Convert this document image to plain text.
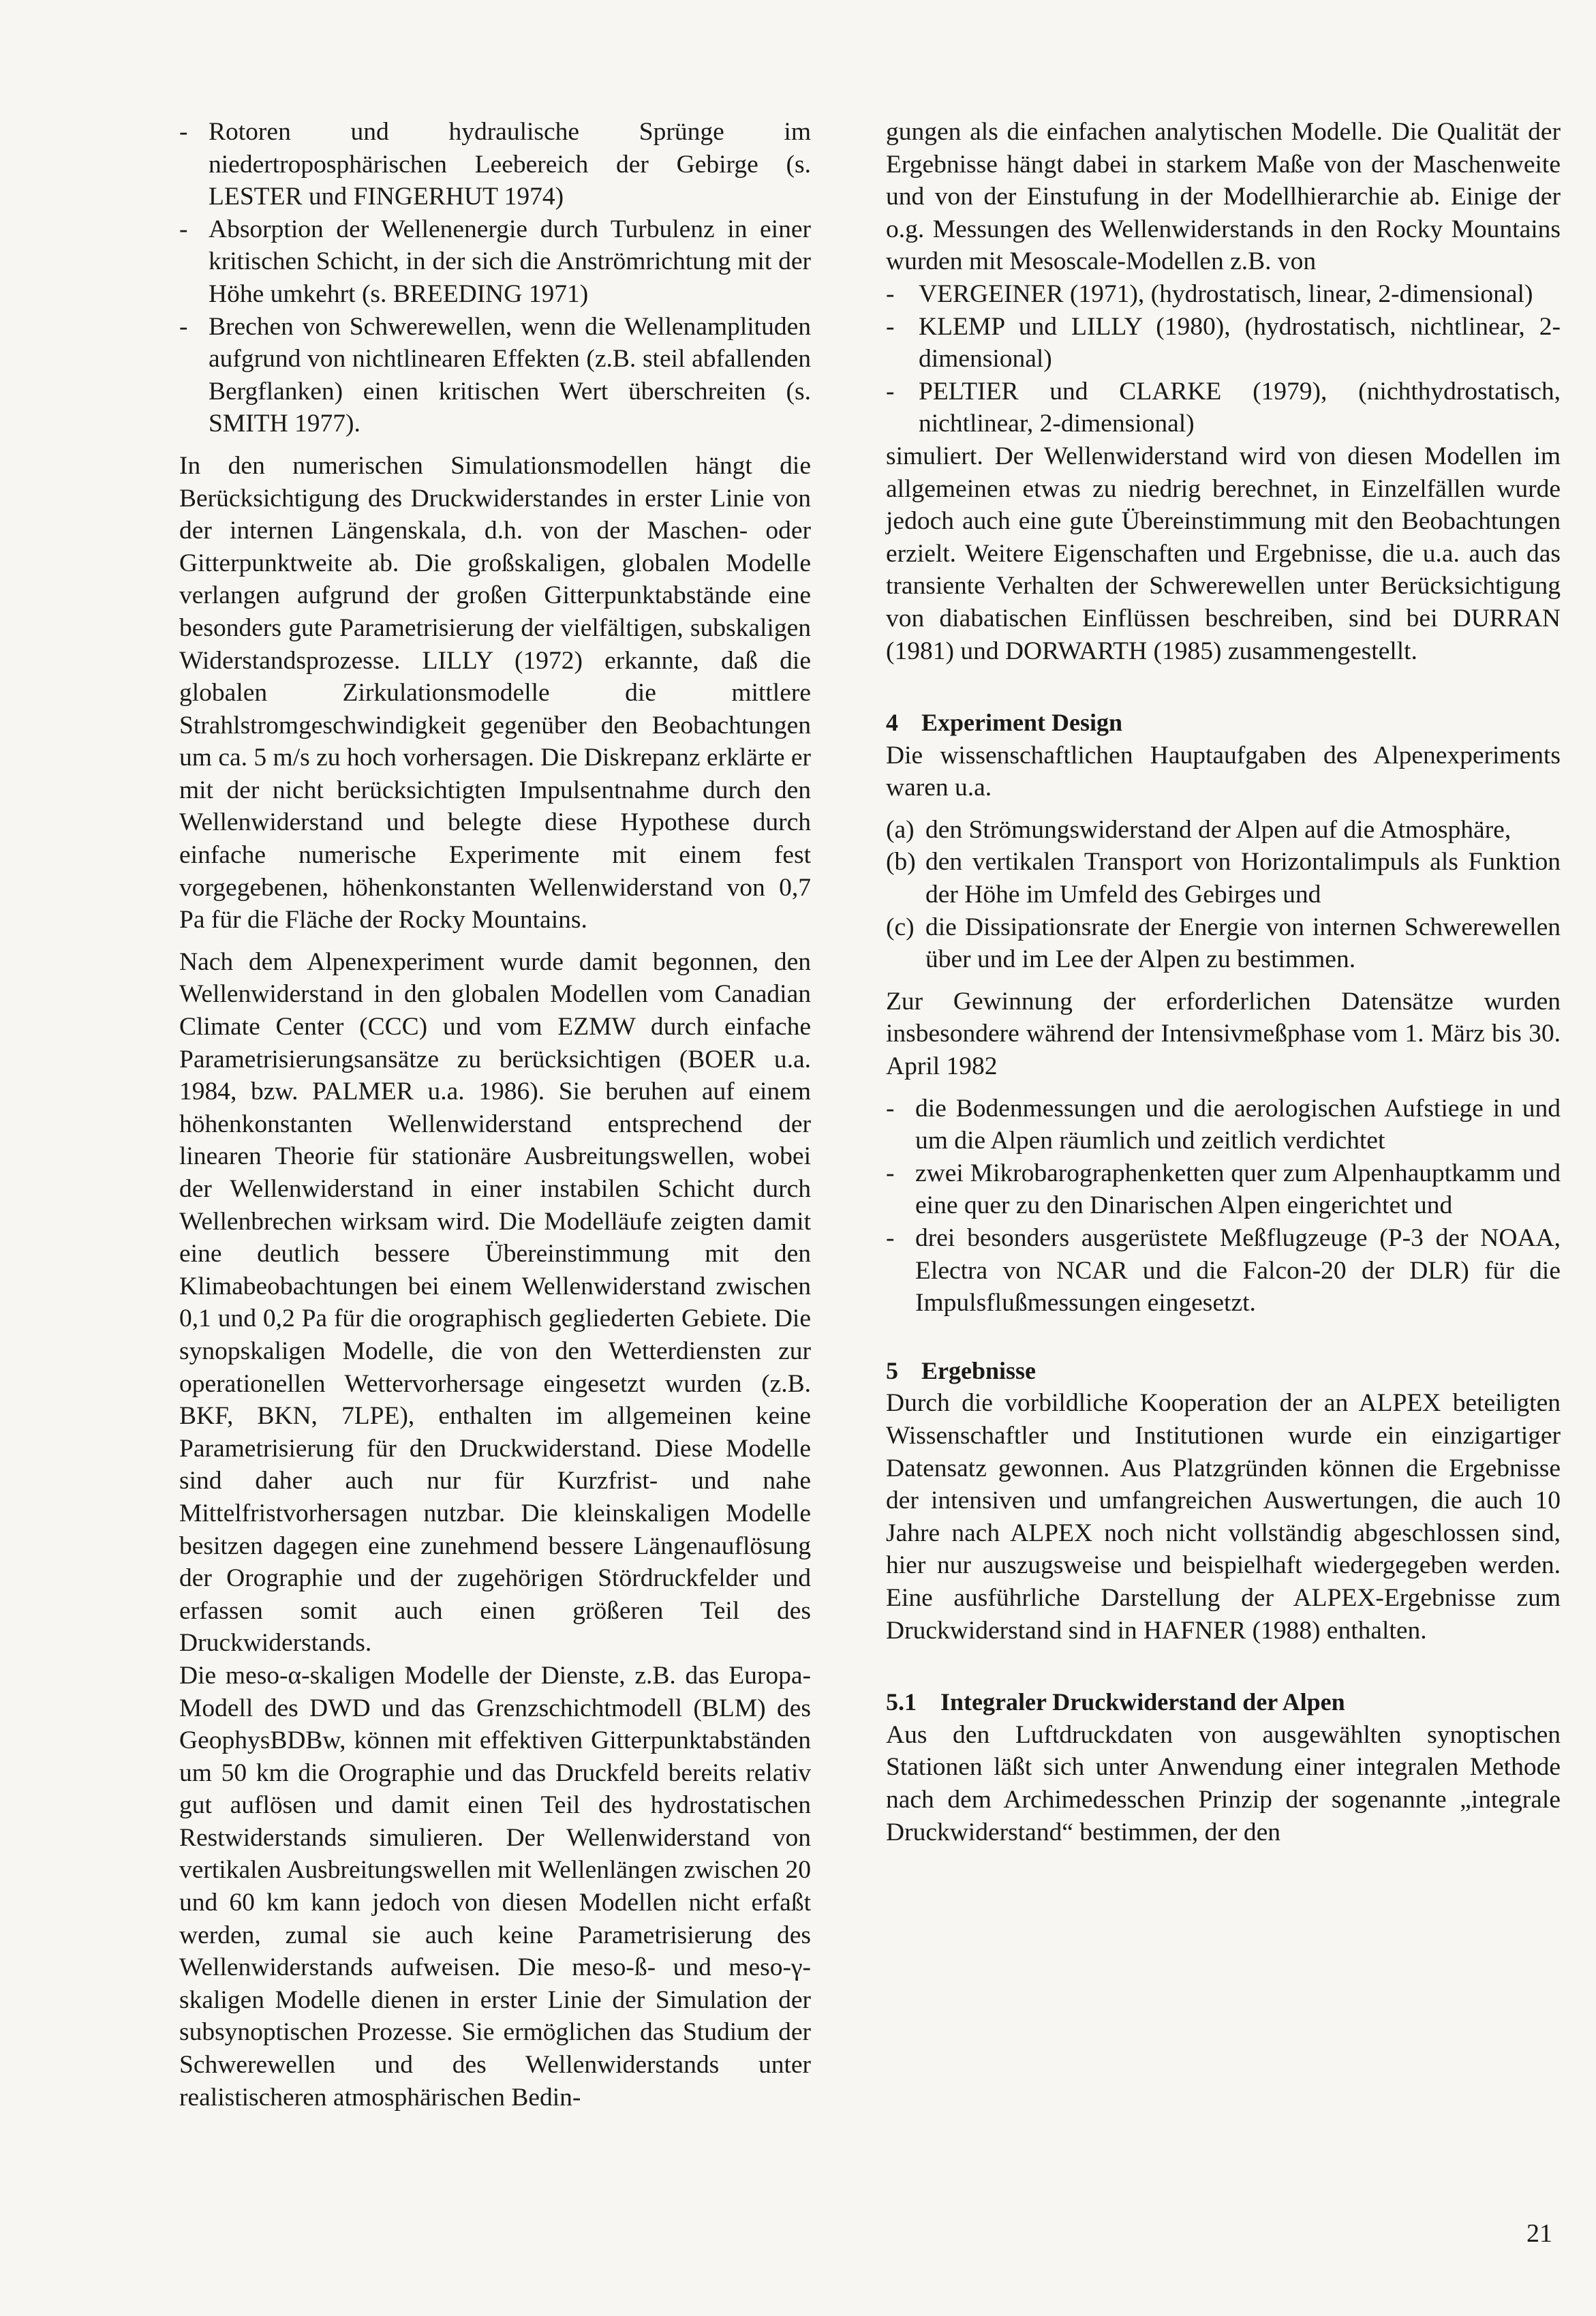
- Rotoren und hydraulische Sprünge im niedertroposphärischen Leebereich der Gebirge (s. LESTER und FINGERHUT 1974)
- Absorption der Wellenenergie durch Turbulenz in einer kritischen Schicht, in der sich die Anströmrichtung mit der Höhe umkehrt (s. BREEDING 1971)
- Brechen von Schwerewellen, wenn die Wellenamplituden aufgrund von nichtlinearen Effekten (z.B. steil abfallenden Bergflanken) einen kritischen Wert überschreiten (s. SMITH 1977).

In den numerischen Simulationsmodellen hängt die Berücksichtigung des Druckwiderstandes in erster Linie von der internen Längenskala, d.h. von der Maschen- oder Gitterpunktweite ab. Die großskaligen, globalen Modelle verlangen aufgrund der großen Gitterpunktabstände eine besonders gute Parametrisierung der vielfältigen, subskaligen Widerstandsprozesse. LILLY (1972) erkannte, daß die globalen Zirkulationsmodelle die mittlere Strahlstromgeschwindigkeit gegenüber den Beobachtungen um ca. 5 m/s zu hoch vorhersagen. Die Diskrepanz erklärte er mit der nicht berücksichtigten Impulsentnahme durch den Wellenwiderstand und belegte diese Hypothese durch einfache numerische Experimente mit einem fest vorgegebenen, höhenkonstanten Wellenwiderstand von 0,7 Pa für die Fläche der Rocky Mountains.

Nach dem Alpenexperiment wurde damit begonnen, den Wellenwiderstand in den globalen Modellen vom Canadian Climate Center (CCC) und vom EZMW durch einfache Parametrisierungsansätze zu berücksichtigen (BOER u.a. 1984, bzw. PALMER u.a. 1986). Sie beruhen auf einem höhenkonstanten Wellenwiderstand entsprechend der linearen Theorie für stationäre Ausbreitungswellen, wobei der Wellenwiderstand in einer instabilen Schicht durch Wellenbrechen wirksam wird. Die Modelläufe zeigten damit eine deutlich bessere Übereinstimmung mit den Klimabeobachtungen bei einem Wellenwiderstand zwischen 0,1 und 0,2 Pa für die orographisch gegliederten Gebiete. Die synopskaligen Modelle, die von den Wetterdiensten zur operationellen Wettervorhersage eingesetzt wurden (z.B. BKF, BKN, 7LPE), enthalten im allgemeinen keine Parametrisierung für den Druckwiderstand. Diese Modelle sind daher auch nur für Kurzfrist- und nahe Mittelfristvorhersagen nutzbar. Die kleinskaligen Modelle besitzen dagegen eine zunehmend bessere Längenauflösung der Orographie und der zugehörigen Stördruckfelder und erfassen somit auch einen größeren Teil des Druckwiderstands.

Die meso-α-skaligen Modelle der Dienste, z.B. das Europa-Modell des DWD und das Grenzschichtmodell (BLM) des GeophysBDBw, können mit effektiven Gitterpunktabständen um 50 km die Orographie und das Druckfeld bereits relativ gut auflösen und damit einen Teil des hydrostatischen Restwiderstands simulieren. Der Wellenwiderstand von vertikalen Ausbreitungswellen mit Wellenlängen zwischen 20 und 60 km kann jedoch von diesen Modellen nicht erfaßt werden, zumal sie auch keine Parametrisierung des Wellenwiderstands aufweisen. Die meso-ß- und meso-γ-skaligen Modelle dienen in erster Linie der Simulation der subsynoptischen Prozesse. Sie ermöglichen das Studium der Schwerewellen und des Wellenwiderstands unter realistischeren atmosphärischen Bedin-

gungen als die einfachen analytischen Modelle. Die Qualität der Ergebnisse hängt dabei in starkem Maße von der Maschenweite und von der Einstufung in der Modellhierarchie ab. Einige der o.g. Messungen des Wellenwiderstands in den Rocky Mountains wurden mit Mesoscale-Modellen z.B. von

- VERGEINER (1971), (hydrostatisch, linear, 2-dimensional)
- KLEMP und LILLY (1980), (hydrostatisch, nichtlinear, 2-dimensional)
- PELTIER und CLARKE (1979), (nichthydrostatisch, nichtlinear, 2-dimensional)

simuliert. Der Wellenwiderstand wird von diesen Modellen im allgemeinen etwas zu niedrig berechnet, in Einzelfällen wurde jedoch auch eine gute Übereinstimmung mit den Beobachtungen erzielt. Weitere Eigenschaften und Ergebnisse, die u.a. auch das transiente Verhalten der Schwerewellen unter Berücksichtigung von diabatischen Einflüssen beschreiben, sind bei DURRAN (1981) und DORWARTH (1985) zusammengestellt.

4 Experiment Design

Die wissenschaftlichen Hauptaufgaben des Alpenexperiments waren u.a.

(a) den Strömungswiderstand der Alpen auf die Atmosphäre,
(b) den vertikalen Transport von Horizontalimpuls als Funktion der Höhe im Umfeld des Gebirges und
(c) die Dissipationsrate der Energie von internen Schwerewellen über und im Lee der Alpen zu bestimmen.

Zur Gewinnung der erforderlichen Datensätze wurden insbesondere während der Intensivmeßphase vom 1. März bis 30. April 1982

- die Bodenmessungen und die aerologischen Aufstiege in und um die Alpen räumlich und zeitlich verdichtet
- zwei Mikrobarographenketten quer zum Alpenhauptkamm und eine quer zu den Dinarischen Alpen eingerichtet und
- drei besonders ausgerüstete Meßflugzeuge (P-3 der NOAA, Electra von NCAR und die Falcon-20 der DLR) für die Impulsflußmessungen eingesetzt.
5 Ergebnisse

Durch die vorbildliche Kooperation der an ALPEX beteiligten Wissenschaftler und Institutionen wurde ein einzigartiger Datensatz gewonnen. Aus Platzgründen können die Ergebnisse der intensiven und umfangreichen Auswertungen, die auch 10 Jahre nach ALPEX noch nicht vollständig abgeschlossen sind, hier nur auszugsweise und beispielhaft wiedergegeben werden. Eine ausführliche Darstellung der ALPEX-Ergebnisse zum Druckwiderstand sind in HAFNER (1988) enthalten.

5.1 Integraler Druckwiderstand der Alpen

Aus den Luftdruckdaten von ausgewählten synoptischen Stationen läßt sich unter Anwendung einer integralen Methode nach dem Archimedesschen Prinzip der sogenannte „integrale Druckwiderstand“ bestimmen, der den

21
